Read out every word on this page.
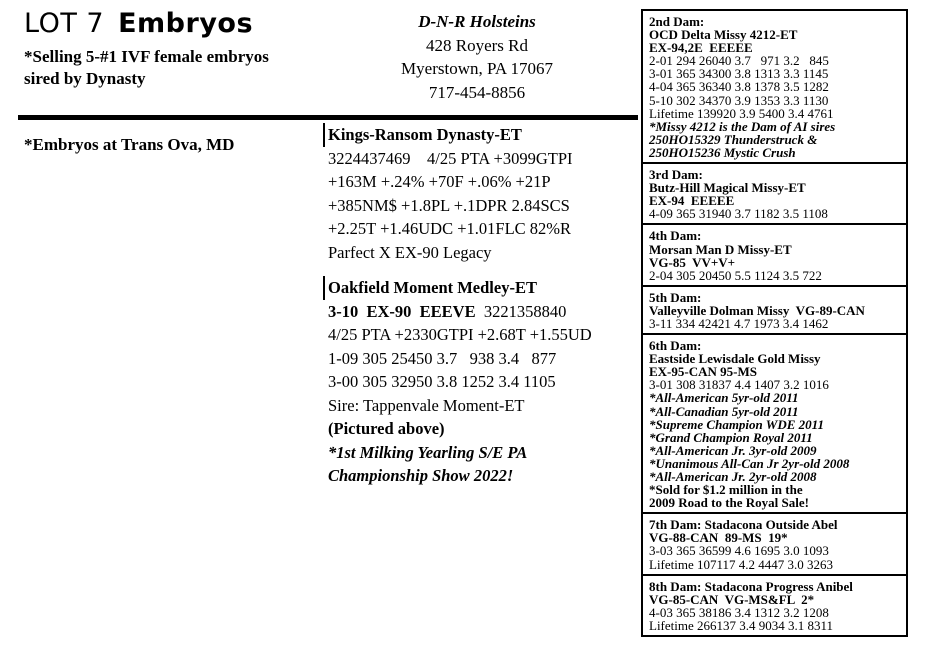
LOT 7 Embryos
*Selling 5-#1 IVF female embryos
sired by Dynasty
*Embryos at Trans Ova, MD
D-N-R Holsteins
428 Royers Rd
Myerstown, PA 17067
717-454-8856
Kings-Ransom Dynasty-ET
3224437469    4/25 PTA +3099GTPI
+163M +.24% +70F +.06% +21P
+385NM$ +1.8PL +.1DPR 2.84SCS
+2.25T +1.46UDC +1.01FLC 82%R
Parfect X EX-90 Legacy
Oakfield Moment Medley-ET
3-10  EX-90  EEEVE  3221358840
4/25 PTA +2330GTPI +2.68T +1.55UD
1-09 305 25450 3.7   938 3.4   877
3-00 305 32950 3.8 1252 3.4 1105
Sire: Tappenvale Moment-ET
(Pictured above)
*1st Milking Yearling S/E PA
Championship Show 2022!
2nd Dam:
OCD Delta Missy 4212-ET
EX-94,2E  EEEEE
2-01 294 26040 3.7   971 3.2   845
3-01 365 34300 3.8 1313 3.3 1145
4-04 365 36340 3.8 1378 3.5 1282
5-10 302 34370 3.9 1353 3.3 1130
Lifetime 139920 3.9 5400 3.4 4761
*Missy 4212 is the Dam of AI sires
250HO15329 Thunderstruck &
250HO15236 Mystic Crush
3rd Dam:
Butz-Hill Magical Missy-ET
EX-94  EEEEE
4-09 365 31940 3.7 1182 3.5 1108
4th Dam:
Morsan Man D Missy-ET
VG-85  VV+V+
2-04 305 20450 5.5 1124 3.5 722
5th Dam:
Valleyville Dolman Missy  VG-89-CAN
3-11 334 42421 4.7 1973 3.4 1462
6th Dam:
Eastside Lewisdale Gold Missy
EX-95-CAN 95-MS
3-01 308 31837 4.4 1407 3.2 1016
*All-American 5yr-old 2011
*All-Canadian 5yr-old 2011
*Supreme Champion WDE 2011
*Grand Champion Royal 2011
*All-American Jr. 3yr-old 2009
*Unanimous All-Can Jr 2yr-old 2008
*All-American Jr. 2yr-old 2008
*Sold for $1.2 million in the
2009 Road to the Royal Sale!
7th Dam: Stadacona Outside Abel
VG-88-CAN  89-MS  19*
3-03 365 36599 4.6 1695 3.0 1093
Lifetime 107117 4.2 4447 3.0 3263
8th Dam: Stadacona Progress Anibel
VG-85-CAN  VG-MS&FL  2*
4-03 365 38186 3.4 1312 3.2 1208
Lifetime 266137 3.4 9034 3.1 8311
